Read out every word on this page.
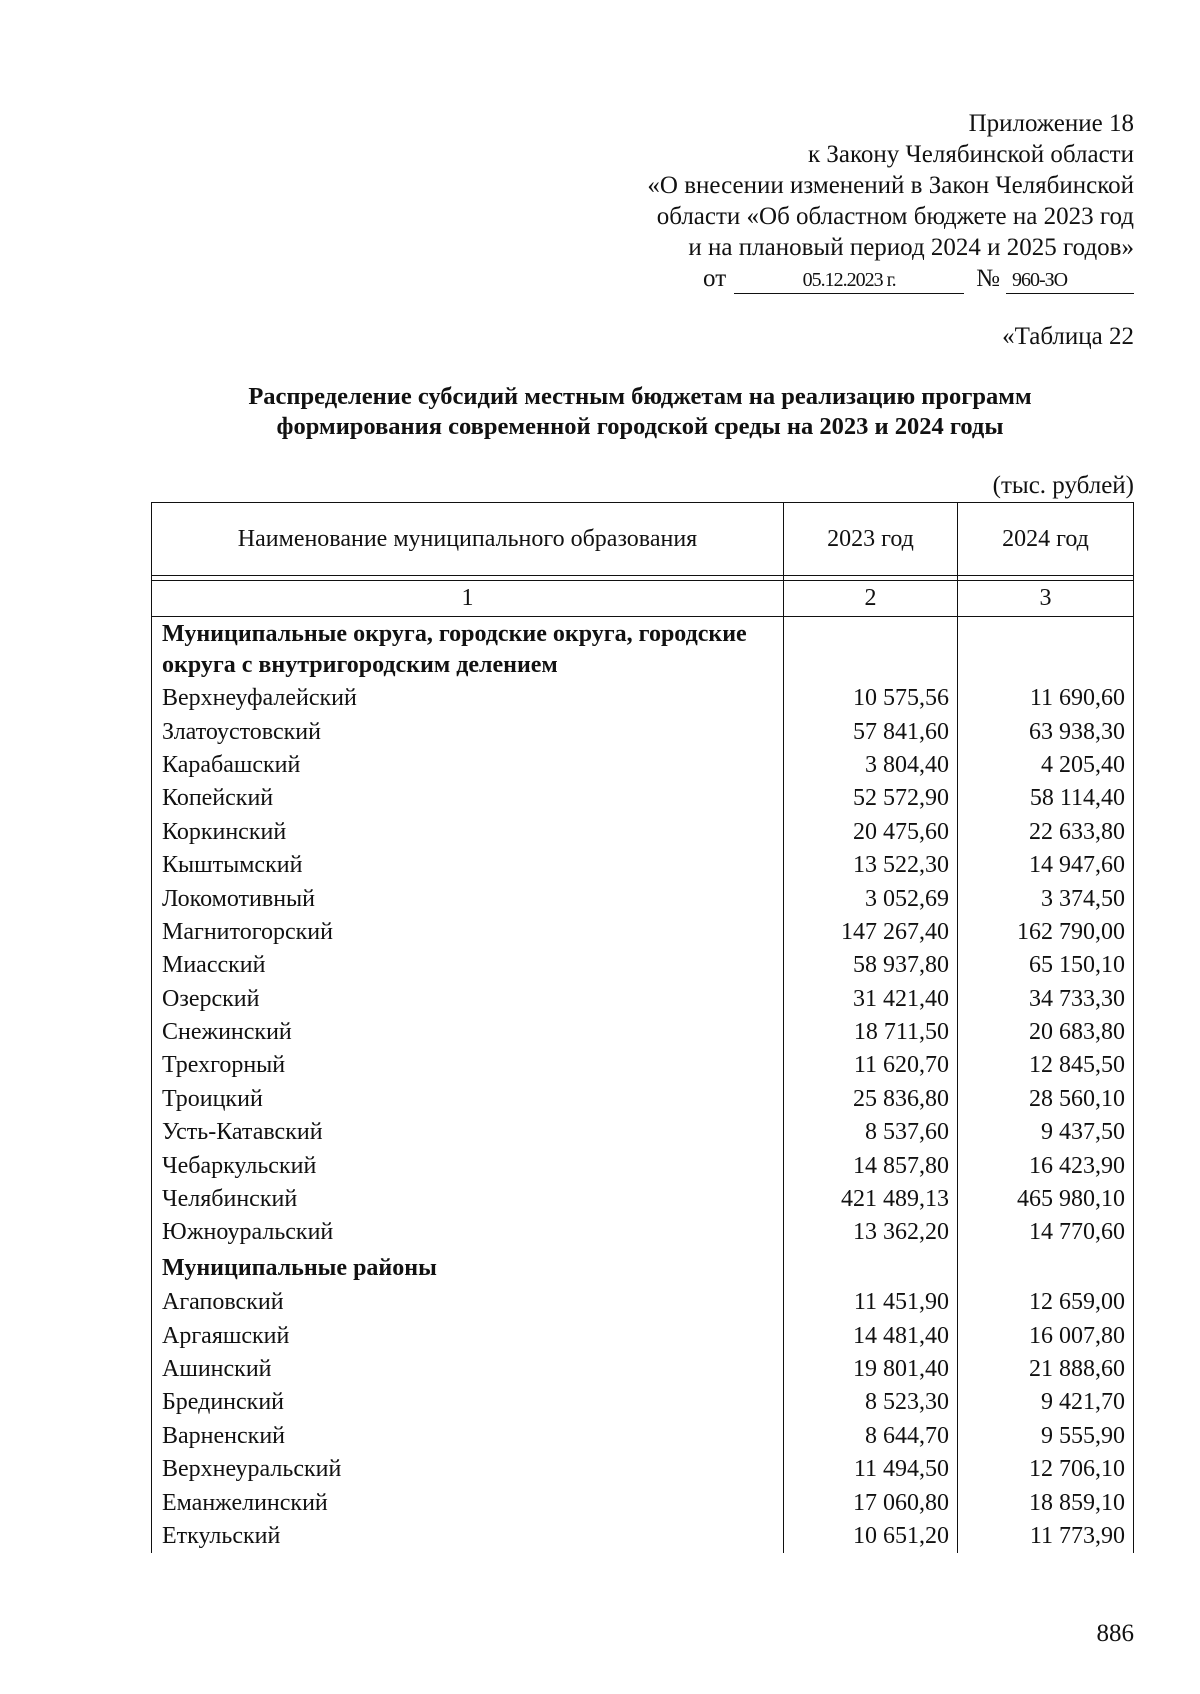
Приложение 18
к Закону Челябинской области
«О внесении изменений в Закон Челябинской
области «Об областном бюджете на 2023 год
и на плановый период 2024 и 2025 годов»
от	05.12.2023 г.	№ 960-ЗО
«Таблица 22
Распределение субсидий местным бюджетам на реализацию программ
формирования современной городской среды на 2023 и 2024 годы
(тыс. рублей)
Наименование муниципального образования	2023 год	2024 год

1	2	3
Муниципальные округа, городские округа, городские округа с внутригородским делением		
Верхнеуфалейский	10 575,56	11 690,60
Златоустовский	57 841,60	63 938,30
Карабашский	3 804,40	4 205,40
Копейский	52 572,90	58 114,40
Коркинский	20 475,60	22 633,80
Кыштымский	13 522,30	14 947,60
Локомотивный	3 052,69	3 374,50
Магнитогорский	147 267,40	162 790,00
Миасский	58 937,80	65 150,10
Озерский	31 421,40	34 733,30
Снежинский	18 711,50	20 683,80
Трехгорный	11 620,70	12 845,50
Троицкий	25 836,80	28 560,10
Усть-Катавский	8 537,60	9 437,50
Чебаркульский	14 857,80	16 423,90
Челябинский	421 489,13	465 980,10
Южноуральский	13 362,20	14 770,60
Муниципальные районы		
Агаповский	11 451,90	12 659,00
Аргаяшский	14 481,40	16 007,80
Ашинский	19 801,40	21 888,60
Брединский	8 523,30	9 421,70
Варненский	8 644,70	9 555,90
Верхнеуральский	11 494,50	12 706,10
Еманжелинский	17 060,80	18 859,10
Еткульский	10 651,20	11 773,90
886
